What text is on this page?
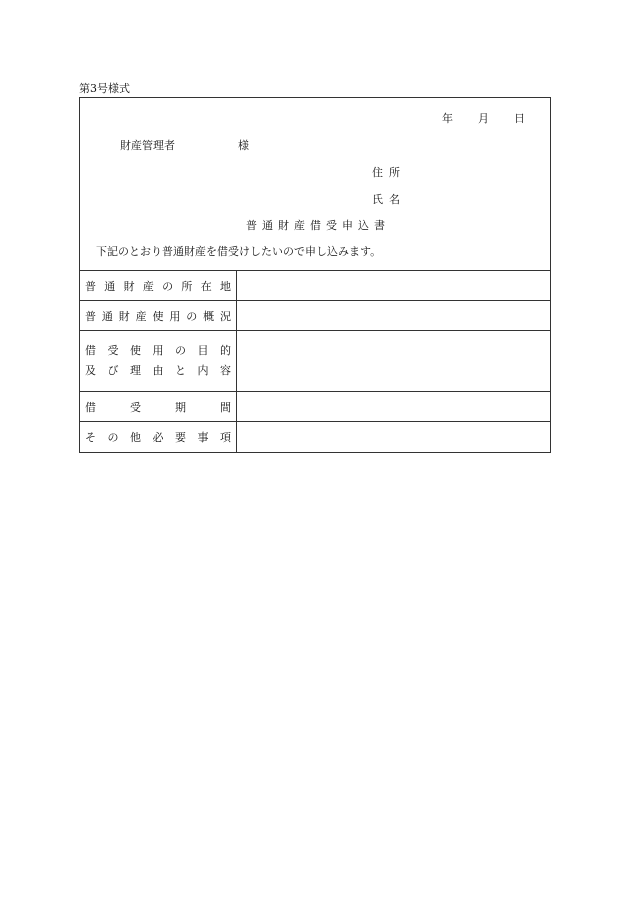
第3号様式
年 月 日
財産管理者	様
住所
氏名
普通財産借受申込書
下記のとおり普通財産を借受けしたいので申し込みます。
普 通 財 産 の 所 在 地
普 通 財 産 使 用 の 概 況
借 受 使 用 の 目 的
及 び 理 由 と 内 容
借	受	期	間
そ の 他 必 要 事 項
